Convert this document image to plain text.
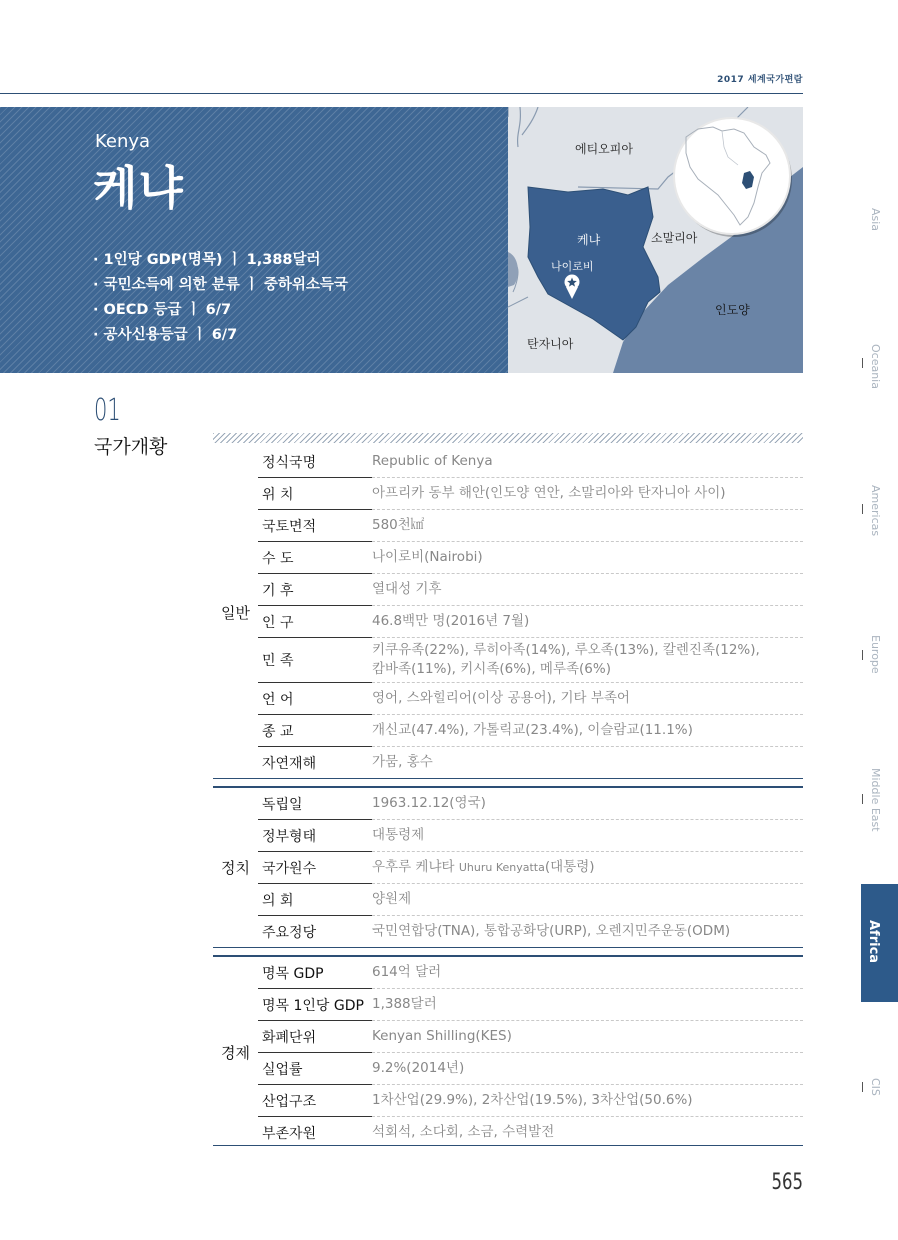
2017 세계국가편람
Kenya
케냐
· 1인당 GDP(명목) ㅣ 1,388달러
· 국민소득에 의한 분류 ㅣ 중하위소득국
· OECD 등급 ㅣ 6/7
· 공사신용등급 ㅣ 6/7
에티오피아
케냐	소말리아
나이로비
인도양
탄자니아
01
국가개황
일반	정식국명	Republic of Kenya
	위 치	아프리카 동부 해안(인도양 연안, 소말리아와 탄자니아 사이)
	국토면적	580천㎢
	수 도	나이로비(Nairobi)
	기 후	열대성 기후
	인 구	46.8백만 명(2016년 7월)
	민 족	키쿠유족(22%), 루히아족(14%), 루오족(13%), 칼렌진족(12%),
캄바족(11%), 키시족(6%), 메루족(6%)

	언 어	영어, 스와힐리어(이상 공용어), 기타 부족어
	종 교	개신교(47.4%), 가톨릭교(23.4%), 이슬람교(11.1%)
	자연재해	가뭄, 홍수

정치	독립일	1963.12.12(영국)
	정부형태	대통령제
	국가원수	우후루 케냐타 Uhuru Kenyatta(대통령)
	의 회	양원제
	주요정당	국민연합당(TNA), 통합공화당(URP), 오렌지민주운동(ODM)

경제	명목 GDP	614억 달러
	명목 1인당 GDP	1,388달러
	화폐단위	Kenyan Shilling(KES)
	실업률	9.2%(2014년)
	산업구조	1차산업(29.9%), 2차산업(19.5%), 3차산업(50.6%)
	부존자원	석회석, 소다회, 소금, 수력발전
Asia
Oceania
Americas
Europe
Middle East
Africa
CIS
565
